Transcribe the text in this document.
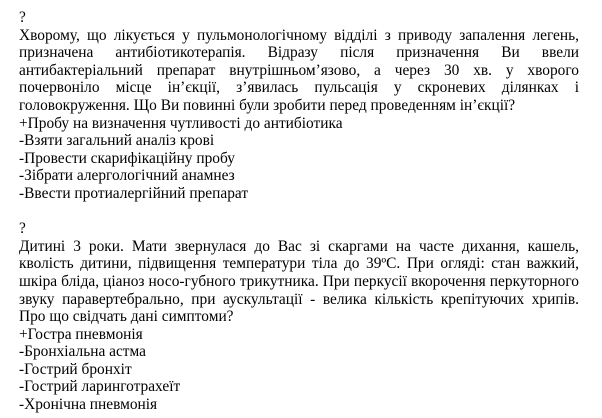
?
Хворому, що лікується у пульмонологічному відділі з приводу запалення легень, призначена антибіотикотерапія. Відразу після призначення Ви ввели антибактеріальний препарат внутрішньом’язово, а через 30 хв. у хворого почервоніло місце ін’єкції, з’явилась пульсація у скроневих ділянках і головокруження. Що Ви повинні були зробити перед проведенням ін’єкції?
+Пробу на визначення чутливості до антибіотика
-Взяти загальний аналіз крові
-Провести скарифікаційну пробу
-Зібрати алергологічний анамнез
-Ввести протиалергійний препарат
?
Дитині 3 роки. Мати звернулася до Вас зі скаргами на часте дихання, кашель, кволість дитини, підвищення температури тіла до 39ºС. При огляді: стан важкий, шкіра бліда, ціаноз носо-губного трикутника. При перкусії вкорочення перкуторного звуку паравертебрально, при аускультації - велика кількість крепітуючих хрипів. Про що свідчать дані симптоми?
+Гостра пневмонія
-Бронхіальна астма
-Гострий бронхіт
-Гострий ларинготрахеїт
-Хронічна пневмонія
